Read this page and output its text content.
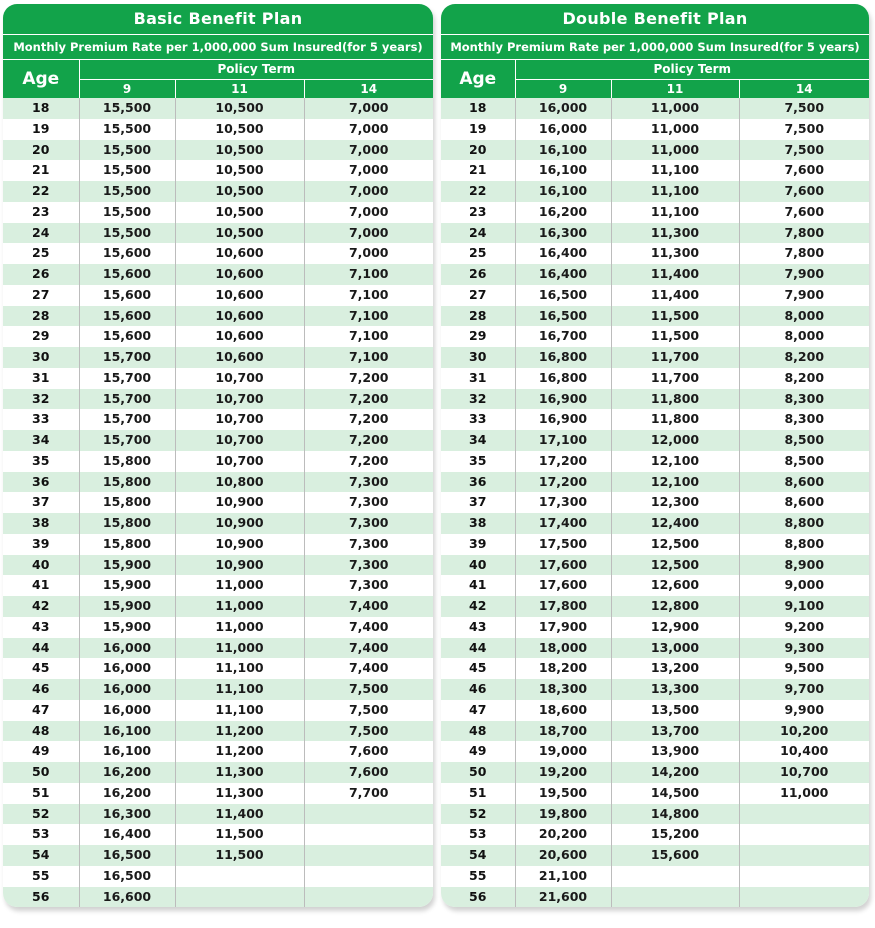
Basic Benefit Plan			
Monthly Premium Rate per 1,000,000 Sum Insured(for 5 years)			
Age	Policy Term		
	9	11	14
18	15,500	10,500	7,000
19	15,500	10,500	7,000
20	15,500	10,500	7,000
21	15,500	10,500	7,000
22	15,500	10,500	7,000
23	15,500	10,500	7,000
24	15,500	10,500	7,000
25	15,600	10,600	7,000
26	15,600	10,600	7,100
27	15,600	10,600	7,100
28	15,600	10,600	7,100
29	15,600	10,600	7,100
30	15,700	10,600	7,100
31	15,700	10,700	7,200
32	15,700	10,700	7,200
33	15,700	10,700	7,200
34	15,700	10,700	7,200
35	15,800	10,700	7,200
36	15,800	10,800	7,300
37	15,800	10,900	7,300
38	15,800	10,900	7,300
39	15,800	10,900	7,300
40	15,900	10,900	7,300
41	15,900	11,000	7,300
42	15,900	11,000	7,400
43	15,900	11,000	7,400
44	16,000	11,000	7,400
45	16,000	11,100	7,400
46	16,000	11,100	7,500
47	16,000	11,100	7,500
48	16,100	11,200	7,500
49	16,100	11,200	7,600
50	16,200	11,300	7,600
51	16,200	11,300	7,700
52	16,300	11,400	
53	16,400	11,500	
54	16,500	11,500	
55	16,500		
56	16,600		
Double Benefit Plan			
Monthly Premium Rate per 1,000,000 Sum Insured(for 5 years)			
Age	Policy Term		
	9	11	14
18	16,000	11,000	7,500
19	16,000	11,000	7,500
20	16,100	11,000	7,500
21	16,100	11,100	7,600
22	16,100	11,100	7,600
23	16,200	11,100	7,600
24	16,300	11,300	7,800
25	16,400	11,300	7,800
26	16,400	11,400	7,900
27	16,500	11,400	7,900
28	16,500	11,500	8,000
29	16,700	11,500	8,000
30	16,800	11,700	8,200
31	16,800	11,700	8,200
32	16,900	11,800	8,300
33	16,900	11,800	8,300
34	17,100	12,000	8,500
35	17,200	12,100	8,500
36	17,200	12,100	8,600
37	17,300	12,300	8,600
38	17,400	12,400	8,800
39	17,500	12,500	8,800
40	17,600	12,500	8,900
41	17,600	12,600	9,000
42	17,800	12,800	9,100
43	17,900	12,900	9,200
44	18,000	13,000	9,300
45	18,200	13,200	9,500
46	18,300	13,300	9,700
47	18,600	13,500	9,900
48	18,700	13,700	10,200
49	19,000	13,900	10,400
50	19,200	14,200	10,700
51	19,500	14,500	11,000
52	19,800	14,800	
53	20,200	15,200	
54	20,600	15,600	
55	21,100		
56	21,600		
